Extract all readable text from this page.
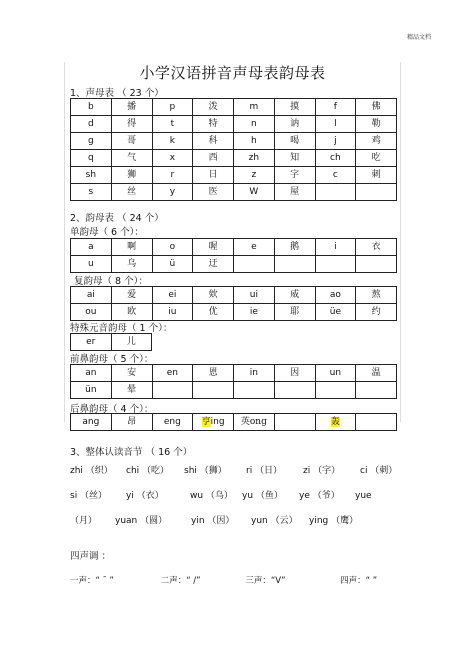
精品文档
小学汉语拼音声母表韵母表
1、声母表 （ 23 个）
b	播	p	泼	m	摸	f	佛
d	得	t	特	n	讷	l	勒
g	哥	k	科	h	喝	j	鸡
q	气	x	西	zh	知	ch	吃
sh	狮	r	日	z	字	c	刺
s	丝	y	医	W	屋		
2、韵母表 （ 24 个）
单韵母（ 6 个）：
a	啊	o	喔	e	鹅	i	衣
u	乌	ü	迂				
复韵母（ 8 个）：
ai	爱	ei	欸	ui	威	ao	熬
ou	欧	iu	优	ie	耶	üe	约
特殊元音韵母（ 1 个）：
er	儿
前鼻韵母（ 5 个）：
an	安	en	恩	in	因	un	温
ün	晕						
后鼻韵母（ 4 个）：
ang	昂	eng	亨ing	英ong		轰	
3、整体认读音节 （ 16 个）
zhi （织） chi （吃） shi （狮） ri （日） zi （字） ci （刺）
si （丝） yi （衣）	wu （乌） yu （鱼） ye （爷） yue
（月） yuan （圆）	yin （因） yun （云） ying （鹰）
四声调 ：
一声：“ ¯ ”	二声：“ /”	三声：“V”	四声：“ ”
